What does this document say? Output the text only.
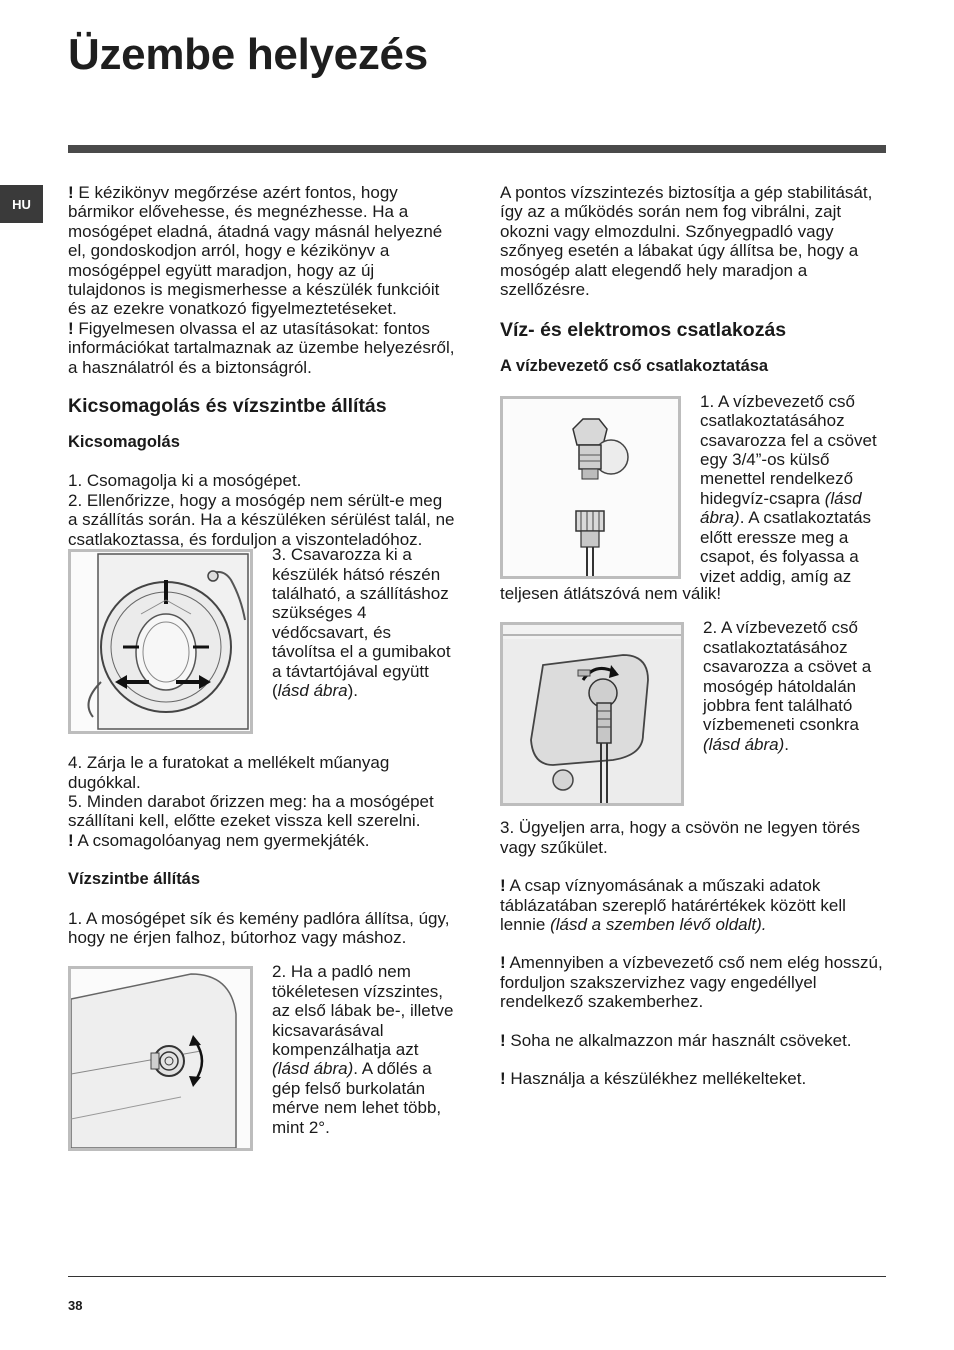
Üzembe helyezés
HU

! E kézikönyv megőrzése azért fontos, hogy bármikor elővehesse, és megnézhesse. Ha a mosógépet eladná, átadná vagy másnál helyezné el, gondoskodjon arról, hogy e kézikönyv a mosógéppel együtt maradjon, hogy az új tulajdonos is megismerhesse a készülék funkcióit és az ezekre vonatkozó figyelmeztetéseket.

! Figyelmesen olvassa el az utasításokat: fontos információkat tartalmaznak az üzembe helyezésről, a használatról és a biztonságról.

Kicsomagolás és vízszintbe állítás

Kicsomagolás

1. Csomagolja ki a mosógépet.

2. Ellenőrizze, hogy a mosógép nem sérült-e meg a szállítás során. Ha a készüléken sérülést talál, ne csatlakoztassa, és forduljon a viszonteladóhoz.

3. Csavarozza ki a készülék hátsó részén található, a szállításhoz szükséges 4 védőcsavart, és távolítsa el a gumibakot a távtartójával együtt (lásd ábra).

4. Zárja le a furatokat a mellékelt műanyag dugókkal.

5. Minden darabot őrizzen meg: ha a mosógépet szállítani kell, előtte ezeket vissza kell szerelni.

! A csomagolóanyag nem gyermekjáték.

Vízszintbe állítás

1. A mosógépet sík és kemény padlóra állítsa, úgy, hogy ne érjen falhoz, bútorhoz vagy máshoz.

2. Ha a padló nem tökéletesen vízszintes, az első lábak be-, illetve kicsavarásával kompenzálhatja azt (lásd ábra). A dőlés a gép felső burkolatán mérve nem lehet több, mint 2°.

A pontos vízszintezés biztosítja a gép stabilitását, így az a működés során nem fog vibrálni, zajt okozni vagy elmozdulni. Szőnyegpadló vagy szőnyeg esetén a lábakat úgy állítsa be, hogy a mosógép alatt elegendő hely maradjon a szellőzésre.

Víz- és elektromos csatlakozás

A vízbevezető cső csatlakoztatása

1. A vízbevezető cső csatlakoztatásához csavarozza fel a csövet egy 3/4”-os külső menettel rendelkező hidegvíz-csapra (lásd ábra). A csatlakoztatás előtt eressze meg a csapot, és folyassa a vizet addig, amíg az

teljesen átlátszóvá nem válik!

2. A vízbevezető cső csatlakoztatásához csavarozza a csövet a mosógép hátoldalán jobbra fent található vízbemeneti csonkra (lásd ábra).

3. Ügyeljen arra, hogy a csövön ne legyen törés vagy szűkület.

! A csap víznyomásának a műszaki adatok táblázatában szereplő határértékek között kell lennie (lásd a szemben lévő oldalt).

! Amennyiben a vízbevezető cső nem elég hosszú, forduljon szakszervizhez vagy engedéllyel rendelkező szakemberhez.

! Soha ne alkalmazzon már használt csöveket.

! Használja a készülékhez mellékelteket.

38
